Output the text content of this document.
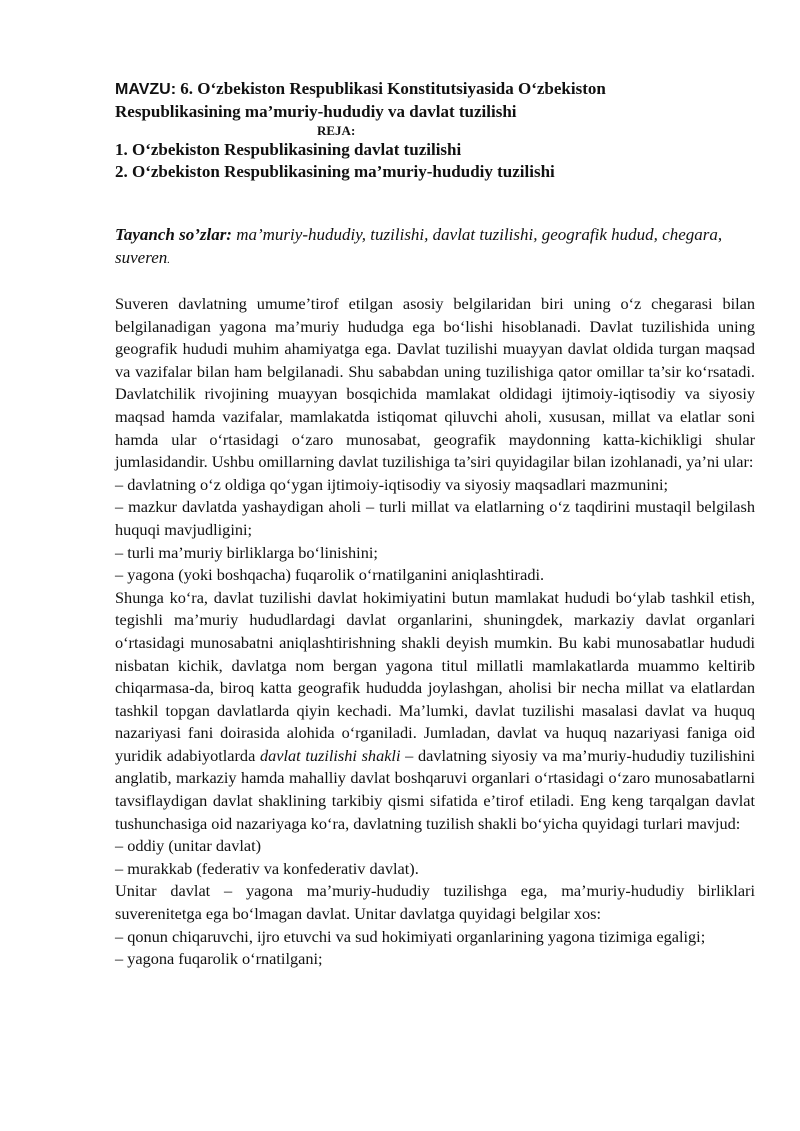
MAVZU: 6. O‘zbekiston Respublikasi Konstitutsiyasida O‘zbekiston
Respublikasining ma’muriy-hududiy va davlat tuzilishi

REJA:

1. O‘zbekiston Respublikasining davlat tuzilishi

2. O‘zbekiston Respublikasining ma’muriy-hududiy tuzilishi

Tayanch so’zlar: ma’muriy-hududiy, tuzilishi, davlat tuzilishi, geografik hudud, chegara, suveren.

Suveren davlatning umume’tirof etilgan asosiy belgilaridan biri uning o‘z chegarasi bilan belgilanadigan yagona ma’muriy hududga ega bo‘lishi hisoblanadi. Davlat tuzilishida uning geografik hududi muhim ahamiyatga ega. Davlat tuzilishi muayyan davlat oldida turgan maqsad va vazifalar bilan ham belgilanadi. Shu sababdan uning tuzilishiga qator omillar ta’sir ko‘rsatadi. Davlatchilik rivojining muayyan bosqichida mamlakat oldidagi ijtimoiy-iqtisodiy va siyosiy maqsad hamda vazifalar, mamlakatda istiqomat qiluvchi aholi, xususan, millat va elatlar soni hamda ular o‘rtasidagi o‘zaro munosabat, geografik maydonning katta-kichikligi shular jumlasidandir. Ushbu omillarning davlat tuzilishiga ta’siri quyidagilar bilan izohlanadi, ya’ni ular:

– davlatning o‘z oldiga qo‘ygan ijtimoiy-iqtisodiy va siyosiy maqsadlari mazmunini;

– mazkur davlatda yashaydigan aholi – turli millat va elatlarning o‘z taqdirini mustaqil belgilash huquqi mavjudligini;

– turli ma’muriy birliklarga bo‘linishini;

– yagona (yoki boshqacha) fuqarolik o‘rnatilganini aniqlashtiradi.

Shunga ko‘ra, davlat tuzilishi davlat hokimiyatini butun mamlakat hududi bo‘ylab tashkil etish, tegishli ma’muriy hududlardagi davlat organlarini, shuningdek, markaziy davlat organlari o‘rtasidagi munosabatni aniqlashtirishning shakli deyish mumkin. Bu kabi munosabatlar hududi nisbatan kichik, davlatga nom bergan yagona titul millatli mamlakatlarda muammo keltirib chiqarmasa-da, biroq katta geografik hududda joylashgan, aholisi bir necha millat va elatlardan tashkil topgan davlatlarda qiyin kechadi. Ma’lumki, davlat tuzilishi masalasi davlat va huquq nazariyasi fani doirasida alohida o‘rganiladi. Jumladan, davlat va huquq nazariyasi faniga oid yuridik adabiyotlarda davlat tuzilishi shakli – davlatning siyosiy va ma’muriy-hududiy tuzilishini anglatib, markaziy hamda mahalliy davlat boshqaruvi organlari o‘rtasidagi o‘zaro munosabatlarni tavsiflaydigan davlat shaklining tarkibiy qismi sifatida e’tirof etiladi. Eng keng tarqalgan davlat tushunchasiga oid nazariyaga ko‘ra, davlatning tuzilish shakli bo‘yicha quyidagi turlari mavjud:

– oddiy (unitar davlat)

– murakkab (federativ va konfederativ davlat).

Unitar davlat – yagona ma’muriy-hududiy tuzilishga ega, ma’muriy-hududiy birliklari suverenitetga ega bo‘lmagan davlat. Unitar davlatga quyidagi belgilar xos:

– qonun chiqaruvchi, ijro etuvchi va sud hokimiyati organlarining yagona tizimiga egaligi;

– yagona fuqarolik o‘rnatilgani;
